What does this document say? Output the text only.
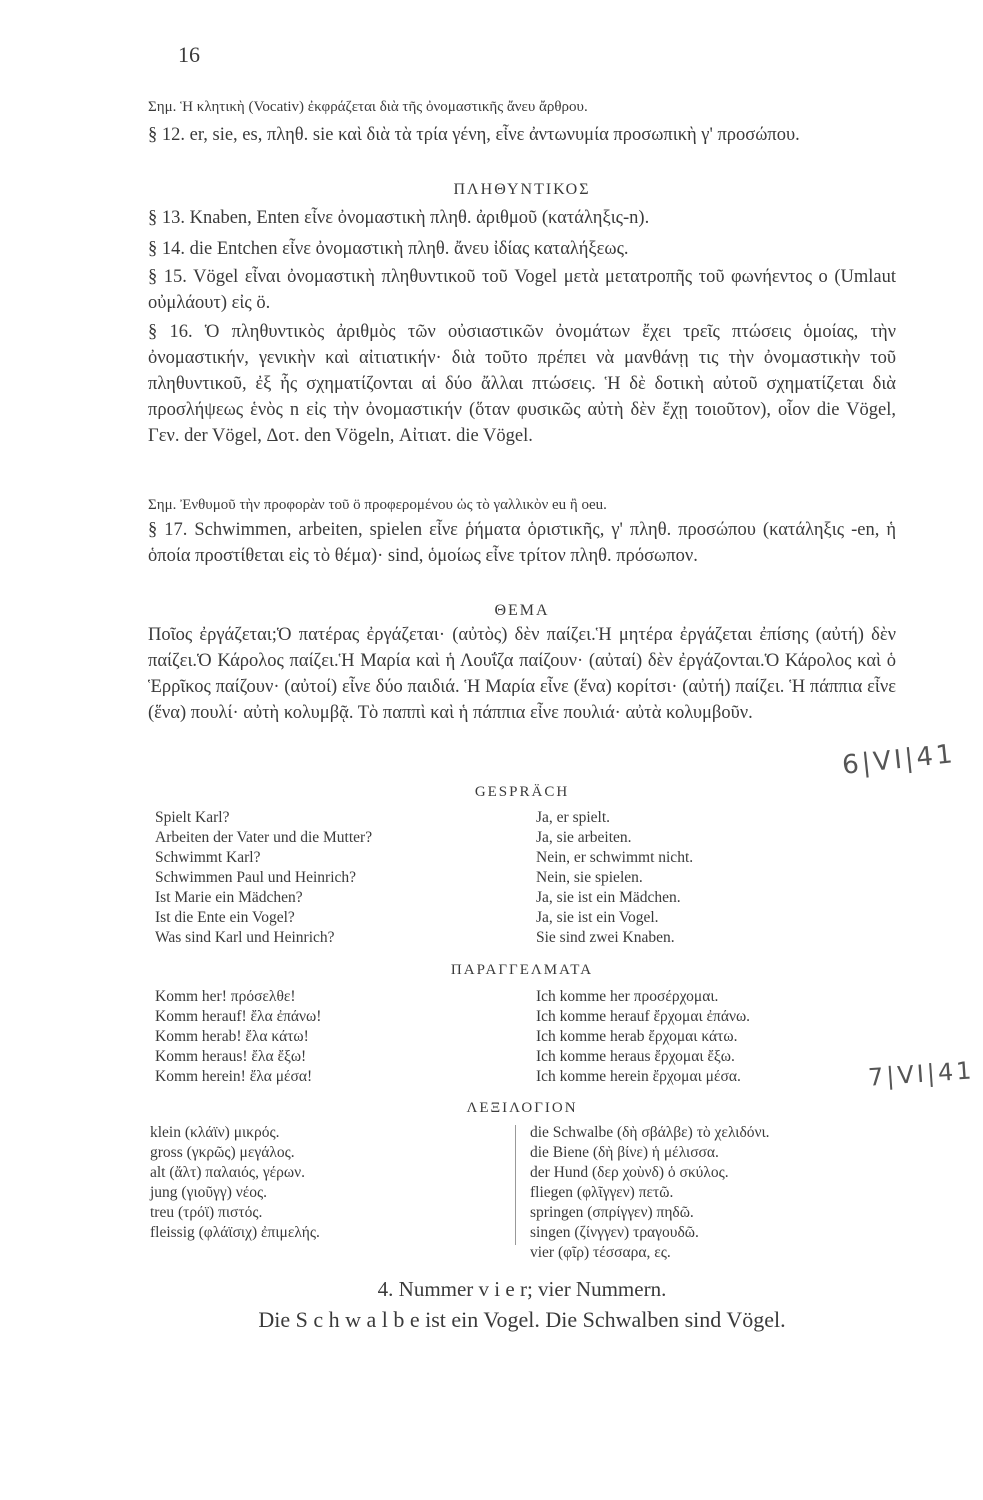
16

Σημ. Ἡ κλητικὴ (Vocativ) ἐκφράζεται διὰ τῆς ὀνομαστικῆς ἄνευ ἄρθρου.

§ 12. er, sie, es, πληθ. sie καὶ διὰ τὰ τρία γένη, εἶνε ἀντωνυμία προσωπικὴ γ' προσώπου.

ΠΛΗΘΥΝΤΙΚΟΣ

§ 13. Knaben, Enten εἶνε ὀνομαστικὴ πληθ. ἀριθμοῦ (κατάληξις-n).

§ 14. die Entchen εἶνε ὀνομαστικὴ πληθ. ἄνευ ἰδίας καταλήξεως.

§ 15. Vögel εἶναι ὀνομαστικὴ πληθυντικοῦ τοῦ Vogel μετὰ μετατροπῆς τοῦ φωνήεντος o (Umlaut οὐμλάουτ) εἰς ö.

§ 16. Ὁ πληθυντικὸς ἀριθμὸς τῶν οὐσιαστικῶν ὀνομάτων ἔχει τρεῖς πτώσεις ὁμοίας, τὴν ὀνομαστικήν, γενικὴν καὶ αἰτιατικήν· διὰ τοῦτο πρέπει νὰ μανθάνῃ τις τὴν ὀνομαστικὴν τοῦ πληθυντικοῦ, ἐξ ἧς σχηματίζονται αἱ δύο ἄλλαι πτώσεις. Ἡ δὲ δοτικὴ αὐτοῦ σχηματίζεται διὰ προσλήψεως ἑνὸς n εἰς τὴν ὀνομαστικήν (ὅταν φυσικῶς αὐτὴ δὲν ἔχῃ τοιοῦτον), οἷον die Vögel, Γεν. der Vögel, Δοτ. den Vögeln, Αἰτιατ. die Vögel.

Σημ. Ἐνθυμοῦ τὴν προφορὰν τοῦ ö προφερομένου ὡς τὸ γαλλικὸν eu ἢ oeu.

§ 17. Schwimmen, arbeiten, spielen εἶνε ῥήματα ὁριστικῆς, γ' πληθ. προσώπου (κατάληξις -en, ἡ ὁποία προστίθεται εἰς τὸ θέμα)· sind, ὁμοίως εἶνε τρίτον πληθ. πρόσωπον.

ΘΕΜΑ

Ποῖος ἐργάζεται;Ὁ πατέρας ἐργάζεται· (αὐτὸς) δὲν παίζει.Ἡ μητέρα ἐργάζεται ἐπίσης (αὐτή) δὲν παίζει.Ὁ Κάρολος παίζει.Ἡ Μαρία καὶ ἡ Λουΐζα παίζουν· (αὐταί) δὲν ἐργάζονται.Ὁ Κάρολος καὶ ὁ Ἑρρῖκος παίζουν· (αὐτοί) εἶνε δύο παιδιά. Ἡ Μαρία εἶνε (ἕνα) κορίτσι· (αὐτή) παίζει. Ἡ πάππια εἶνε (ἕνα) πουλί· αὐτὴ κολυμβᾷ. Τὸ παππὶ καὶ ἡ πάππια εἶνε πουλιά· αὐτὰ κολυμβοῦν.

6|VI|41
GESPRÄCH
Spielt Karl?
Arbeiten der Vater und die Mutter?
Schwimmt Karl?
Schwimmen Paul und Heinrich?
Ist Marie ein Mädchen?
Ist die Ente ein Vogel?
Was sind Karl und Heinrich?
Ja, er spielt.
Ja, sie arbeiten.
Nein, er schwimmt nicht.
Nein, sie spielen.
Ja, sie ist ein Mädchen.
Ja, sie ist ein Vogel.
Sie sind zwei Knaben.
ΠΑΡΑΓΓΕΛΜΑΤΑ
Komm her! πρόσελθε!
Komm herauf! ἔλα ἐπάνω!
Komm herab! ἔλα κάτω!
Komm heraus! ἔλα ἔξω!
Komm herein! ἔλα μέσα!
Ich komme her προσέρχομαι.
Ich komme herauf ἔρχομαι ἐπάνω.
Ich komme herab ἔρχομαι κάτω.
Ich komme heraus ἔρχομαι ἔξω.
Ich komme herein ἔρχομαι μέσα.	7|VI|41
ΛΕΞΙΛΟΓΙΟΝ
klein (κλάϊν) μικρός.
gross (γκρῶς) μεγάλος.
alt (ἄλτ) παλαιός, γέρων.
jung (γιοῦγγ) νέος.
treu (τρόϊ) πιστός.
fleissig (φλάϊσιχ) ἐπιμελής.
die Schwalbe (δὴ σβάλβε) τὸ χελιδόνι.
die Biene (δὴ βίνε) ἡ μέλισσα.
der Hund (δερ χοὺνδ) ὁ σκύλος.
fliegen (φλῖγγεν) πετῶ.
springen (σπρίγγεν) πηδῶ.
singen (ζίνγγεν) τραγουδῶ.
vier (φῖρ) τέσσαρα, ες.
4. Nummer v i e r; vier Nummern.
Die S c h w a l b e ist ein Vogel. Die Schwalben sind Vögel.
